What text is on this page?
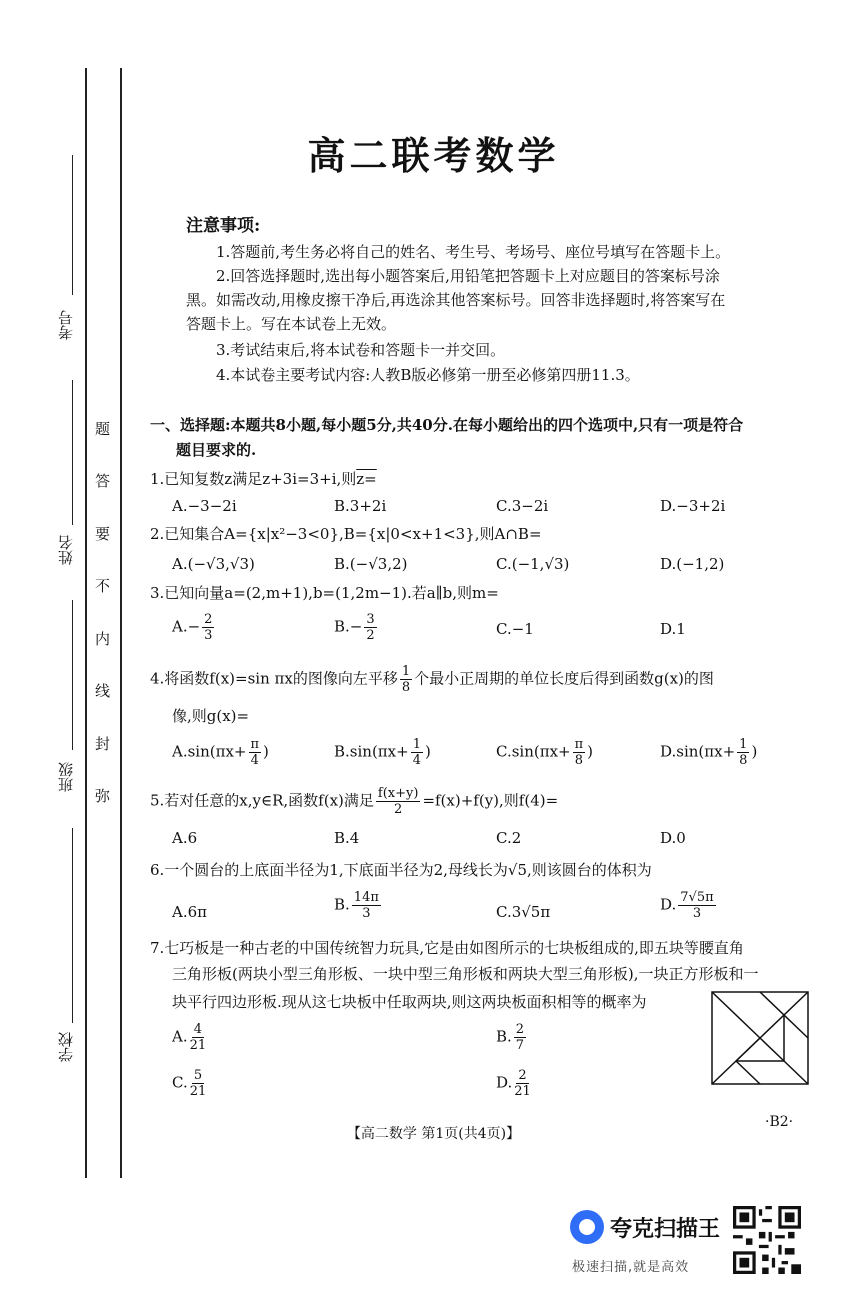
考号
姓名
班级
学校
题
答
要
不
内
线
封
弥
高二联考数学
注意事项:
1.答题前,考生务必将自己的姓名、考生号、考场号、座位号填写在答题卡上。
2.回答选择题时,选出每小题答案后,用铅笔把答题卡上对应题目的答案标号涂
黑。如需改动,用橡皮擦干净后,再选涂其他答案标号。回答非选择题时,将答案写在
答题卡上。写在本试卷上无效。
3.考试结束后,将本试卷和答题卡一并交回。
4.本试卷主要考试内容:人教B版必修第一册至必修第四册11.3。
一、选择题:本题共8小题,每小题5分,共40分.在每小题给出的四个选项中,只有一项是符合
题目要求的.
1.已知复数z满足z+3i=3+i,则z=
A.−3−2i	B.3+2i	C.3−2i	D.−3+2i
2.已知集合A={x|x²−3<0},B={x|0<x+1<3},则A∩B=
A.(−√3,√3)	B.(−√3,2)	C.(−1,√3)	D.(−1,2)
3.已知向量a=(2,m+1),b=(1,2m−1).若a∥b,则m=
$A.- \frac{2}{3}$	$B.- \frac{3}{2}$	C.−1	D.1
4.将函数f(x)=sin πx的图像向左平移 $\frac{1}{8}$ 个最小正周期的单位长度后得到函数g(x)的图
像,则g(x)=
$A.\sin(\pi x+ \frac{\pi}{4}$ )	$B.\sin(\pi x+ \frac{1}{4}$ )	$C.\sin(\pi x+ \frac{\pi}{8}$ )	$D.\sin(\pi x+ \frac{1}{8}$ )
5.若对任意的x,y∈R,函数f(x)满足 $\frac{f(x+y)}{2} =f(x)+f(y)$,则f(4)=
A.6	B.4	C.2	D.0
6.一个圆台的上底面半径为1,下底面半径为2,母线长为√5,则该圆台的体积为
A.6π	B. $\frac{14\pi}{3}$	C.3√5π	D. $\frac{7√5\pi}{3}$
7.七巧板是一种古老的中国传统智力玩具,它是由如图所示的七块板组成的,即五块等腰直角
三角形板(两块小型三角形板、一块中型三角形板和两块大型三角形板),一块正方形板和一
块平行四边形板.现从这七块板中任取两块,则这两块板面积相等的概率为
A. $\frac{4}{21}$	B. $\frac{2}{7}$
C. $\frac{5}{21}$	D. $\frac{2}{21}$
【高二数学 第1页(共4页)】
·B2·
夸克扫描王
极速扫描,就是高效
